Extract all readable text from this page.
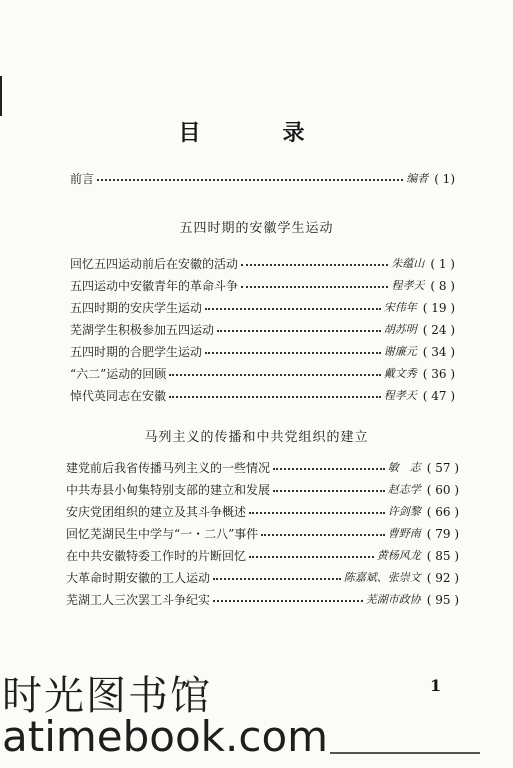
目　录
前言	编者 ( 1)
五四时期的安徽学生运动
回忆五四运动前后在安徽的活动	朱蕴山 ( 1 )
五四运动中安徽青年的革命斗争	程孝天 ( 8 )
五四时期的安庆学生运动	宋伟年 ( 19 )
芜湖学生积极参加五四运动	胡苏明 ( 24 )
五四时期的合肥学生运动	谢廉元 ( 34 )
“六二”运动的回顾	戴文秀 ( 36 )
悼代英同志在安徽	程孝天 ( 47 )
马列主义的传播和中共党组织的建立
建党前后我省传播马列主义的一些情况	敏　志 ( 57 )
中共寿县小甸集特别支部的建立和发展	赵志学 ( 60 )
安庆党团组织的建立及其斗争概述	许剑黎 ( 66 )
回忆芜湖民生中学与“一・二八”事件	曹野南 ( 79 )
在中共安徽特委工作时的片断回忆	黄杨风龙 ( 85 )
大革命时期安徽的工人运动	陈嘉斌、张崇文 ( 92 )
芜湖工人三次罢工斗争纪实	芜湖市政协 ( 95 )
1
时光图书馆
atimebook.com
